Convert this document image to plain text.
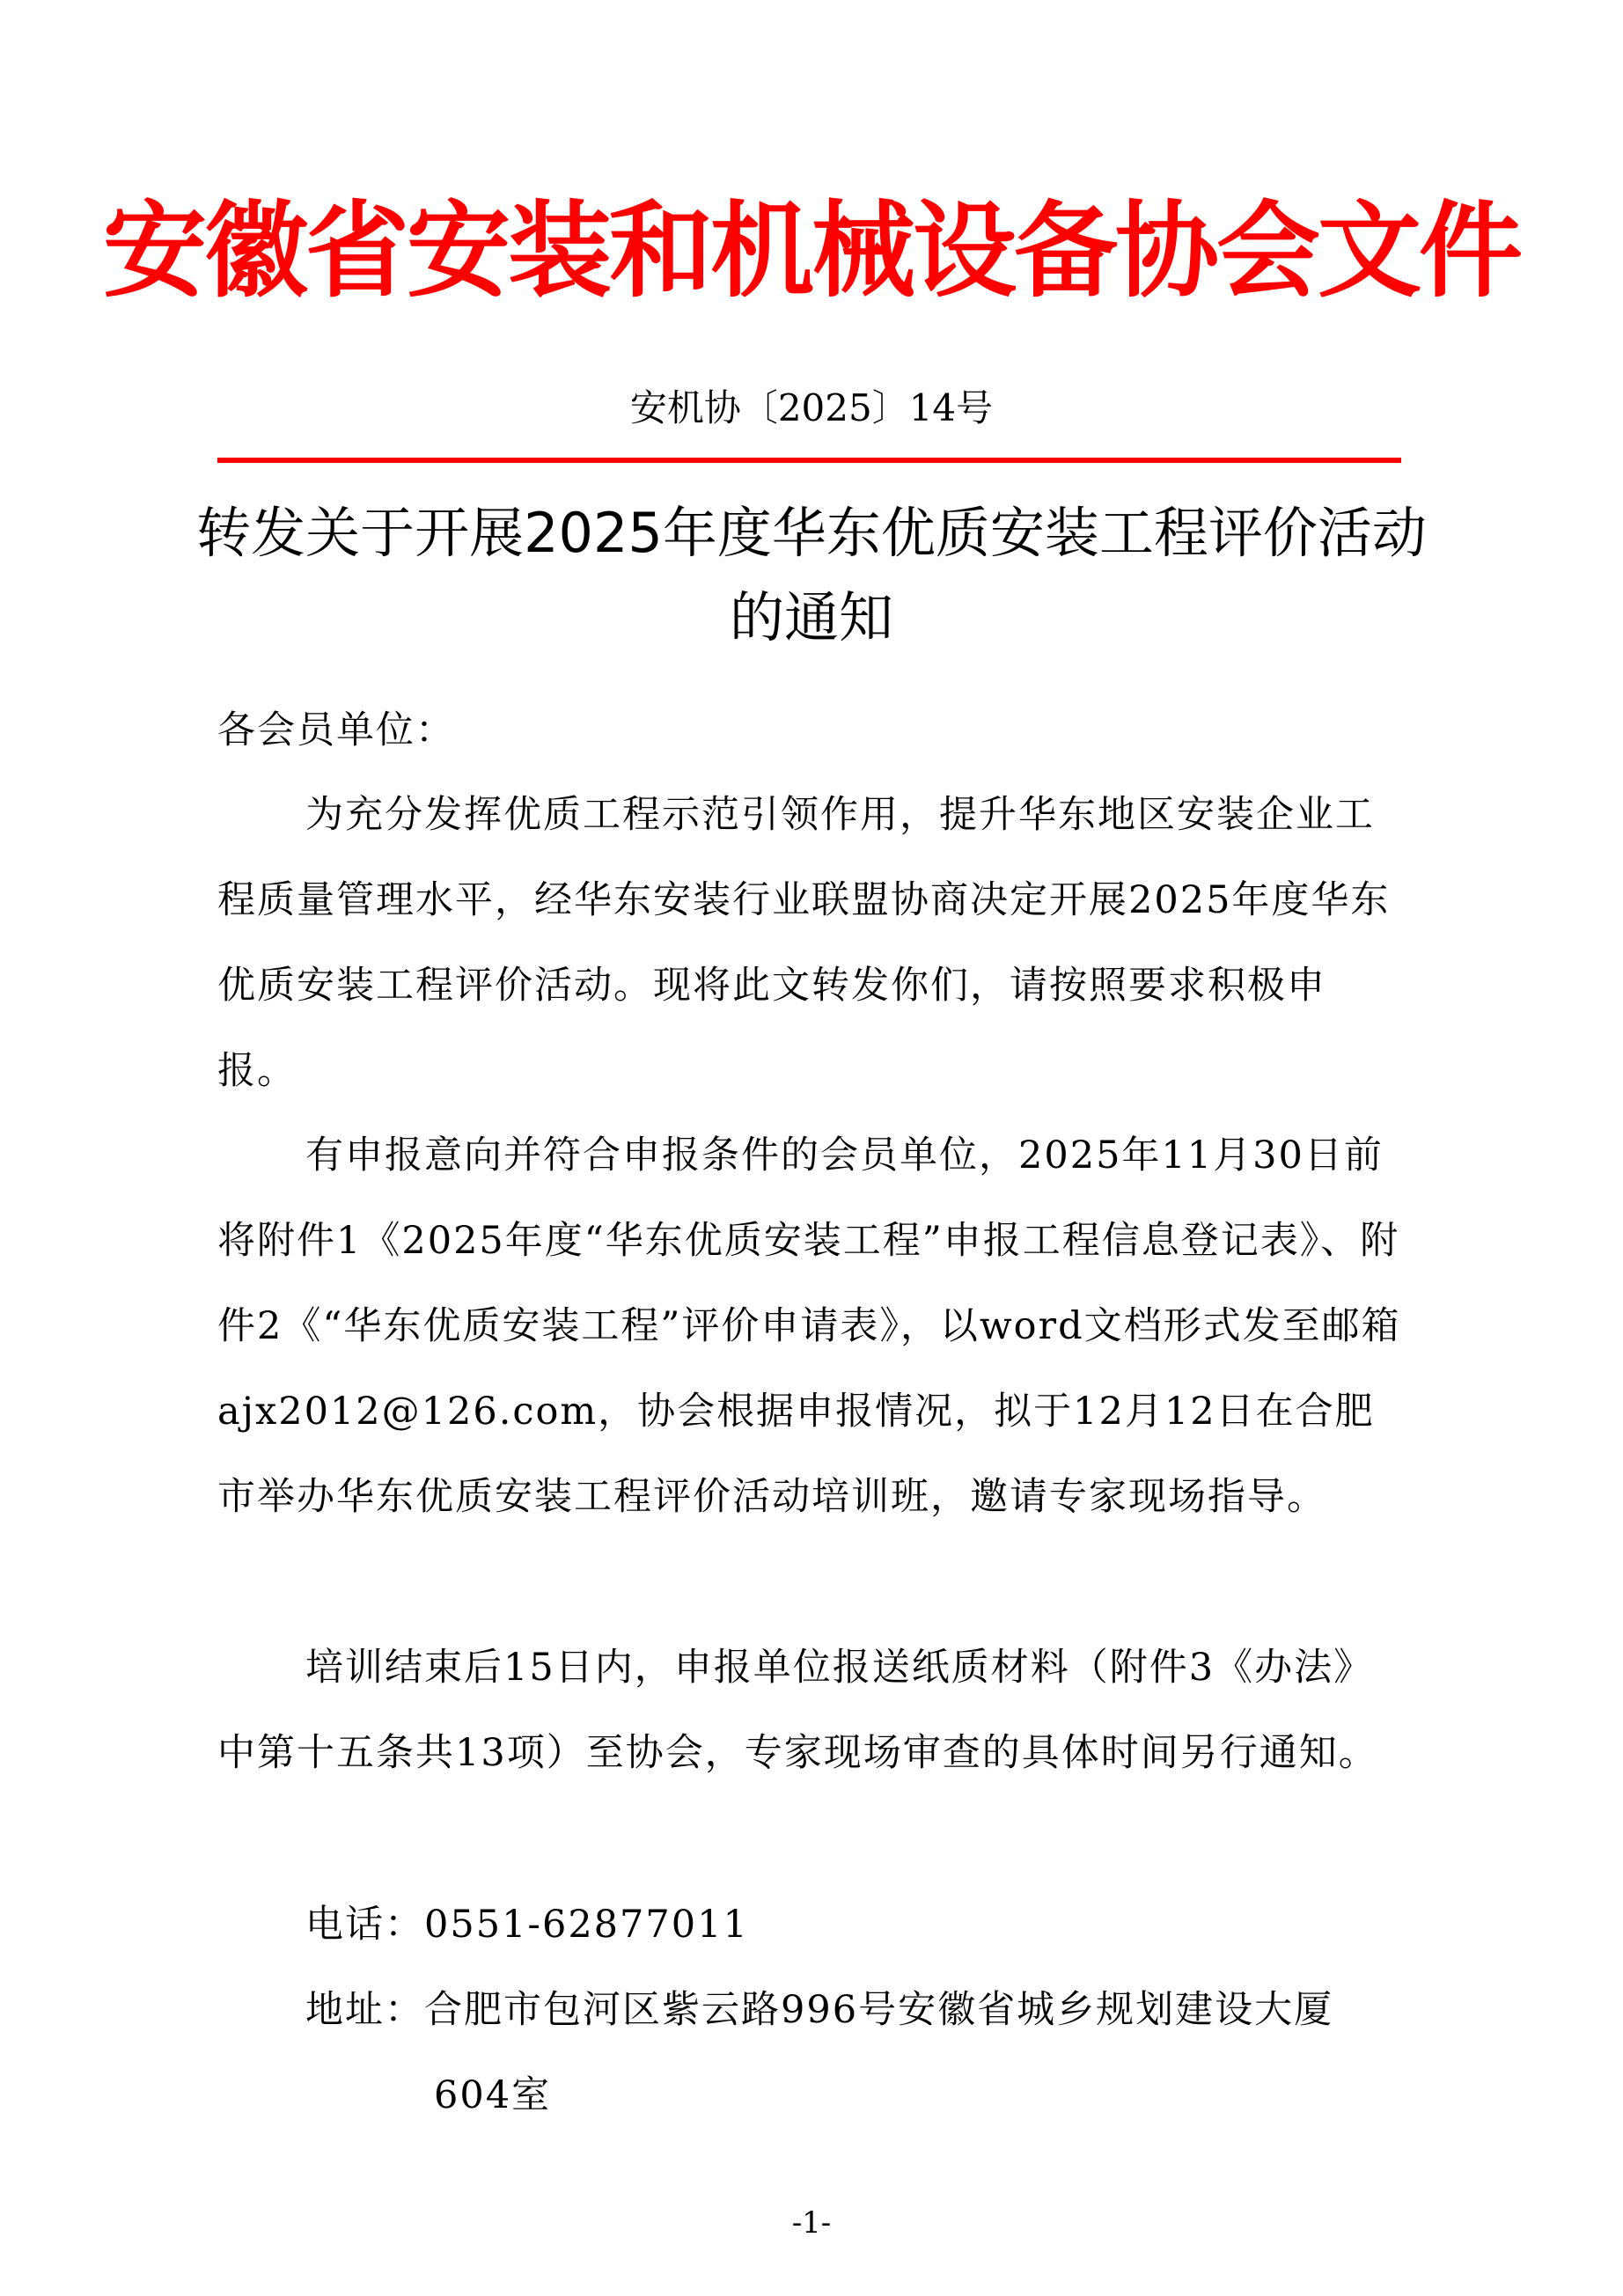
安徽省安装和机械设备协会文件
安机协〔2025〕14号
转发关于开展2025年度华东优质安装工程评价活动的通知
各会员单位：
为充分发挥优质工程示范引领作用，提升华东地区安装企业工程质量管理水平，经华东安装行业联盟协商决定开展2025年度华东优质安装工程评价活动。现将此文转发你们，请按照要求积极申报。
有申报意向并符合申报条件的会员单位，2025年11月30日前将附件1《2025年度“华东优质安装工程”申报工程信息登记表》、附件2《“华东优质安装工程”评价申请表》，以word文档形式发至邮箱ajx2012@126.com，协会根据申报情况，拟于12月12日在合肥市举办华东优质安装工程评价活动培训班，邀请专家现场指导。
培训结束后15日内，申报单位报送纸质材料（附件3《办法》中第十五条共13项）至协会，专家现场审查的具体时间另行通知。
电话：0551-62877011
地址：合肥市包河区紫云路996号安徽省城乡规划建设大厦604室
-1-
